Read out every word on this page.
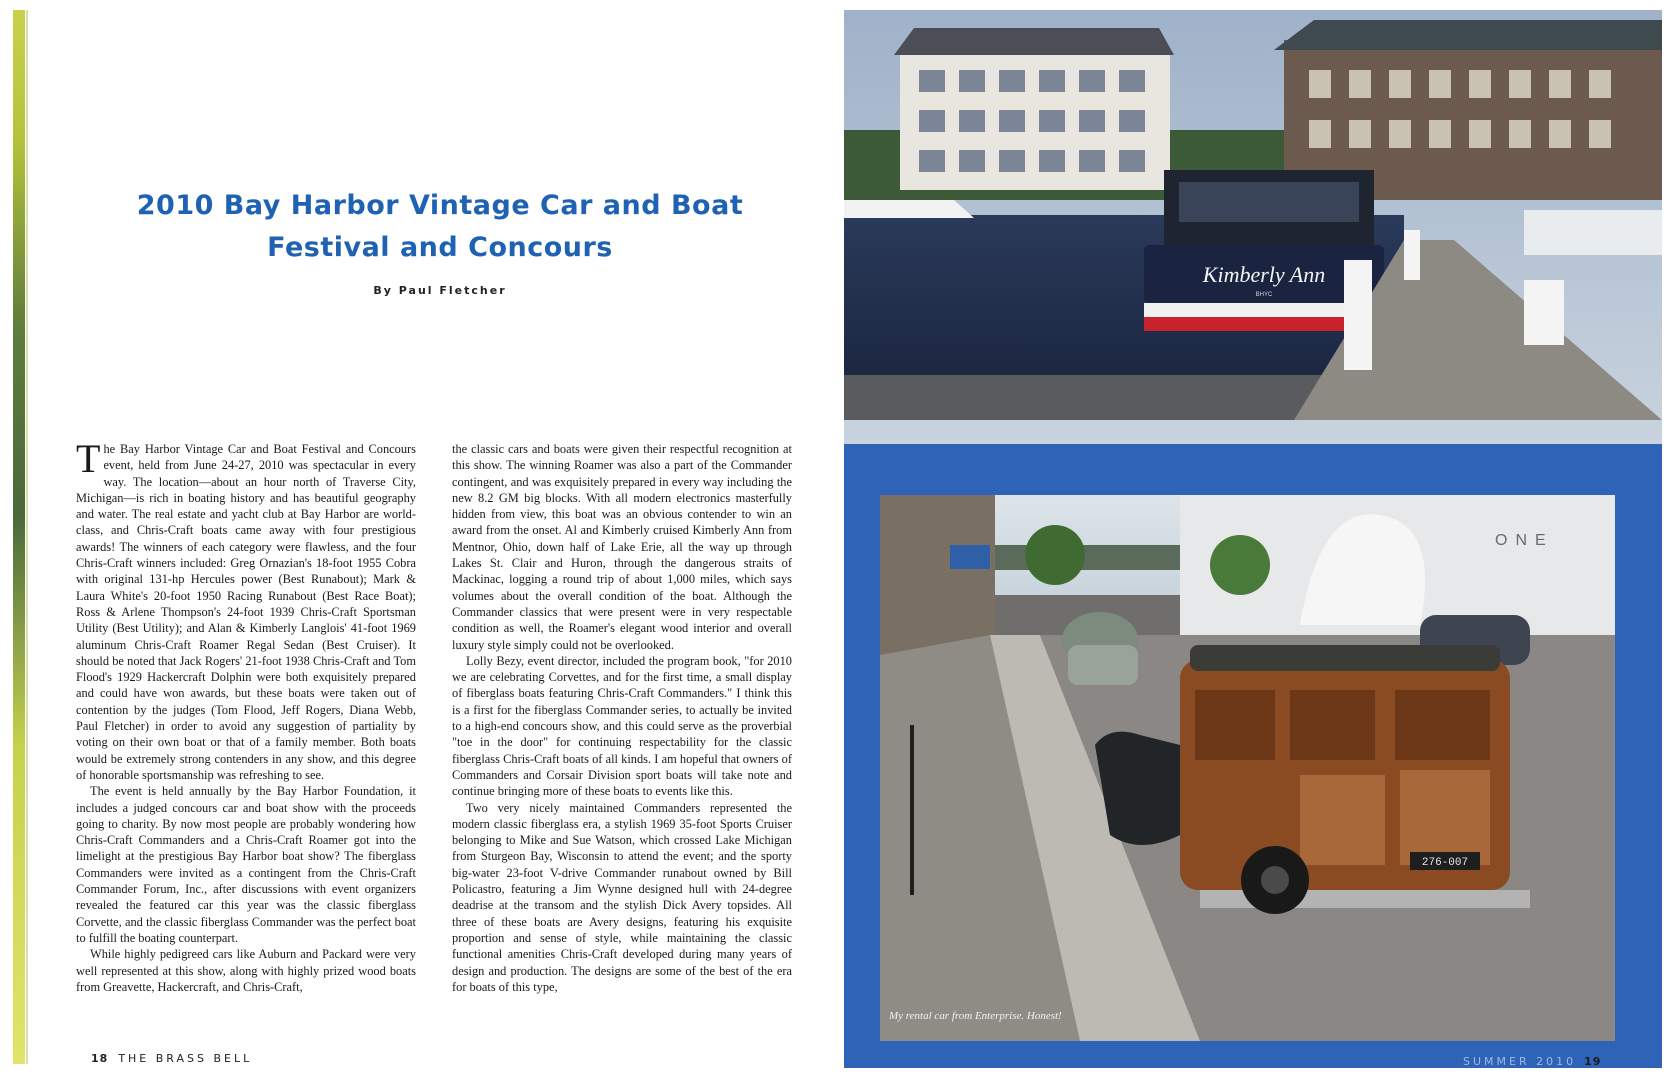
2010 Bay Harbor Vintage Car and Boat
Festival and Concours
By Paul Fletcher

The Bay Harbor Vintage Car and Boat Festival and Concours event, held from June 24-27, 2010 was spectacular in every way. The location—about an hour north of Traverse City, Michigan—is rich in boating history and has beautiful geography and water. The real estate and yacht club at Bay Harbor are world-class, and Chris-Craft boats came away with four prestigious awards! The winners of each category were flawless, and the four Chris-Craft winners included: Greg Ornazian's 18-foot 1955 Cobra with original 131-hp Hercules power (Best Runabout); Mark & Laura White's 20-foot 1950 Racing Runabout (Best Race Boat); Ross & Arlene Thompson's 24-foot 1939 Chris-Craft Sportsman Utility (Best Utility); and Alan & Kimberly Langlois' 41-foot 1969 aluminum Chris-Craft Roamer Regal Sedan (Best Cruiser). It should be noted that Jack Rogers' 21-foot 1938 Chris-Craft and Tom Flood's 1929 Hackercraft Dolphin were both exquisitely prepared and could have won awards, but these boats were taken out of contention by the judges (Tom Flood, Jeff Rogers, Diana Webb, Paul Fletcher) in order to avoid any suggestion of partiality by voting on their own boat or that of a family member. Both boats would be extremely strong contenders in any show, and this degree of honorable sportsmanship was refreshing to see.

The event is held annually by the Bay Harbor Foundation, it includes a judged concours car and boat show with the proceeds going to charity. By now most people are probably wondering how Chris-Craft Commanders and a Chris-Craft Roamer got into the limelight at the prestigious Bay Harbor boat show? The fiberglass Commanders were invited as a contingent from the Chris-Craft Commander Forum, Inc., after discussions with event organizers revealed the featured car this year was the classic fiberglass Corvette, and the classic fiberglass Commander was the perfect boat to fulfill the boating counterpart.

While highly pedigreed cars like Auburn and Packard were very well represented at this show, along with highly prized wood boats from Greavette, Hackercraft, and Chris-Craft,

the classic cars and boats were given their respectful recognition at this show. The winning Roamer was also a part of the Commander contingent, and was exquisitely prepared in every way including the new 8.2 GM big blocks. With all modern electronics masterfully hidden from view, this boat was an obvious contender to win an award from the onset. Al and Kimberly cruised Kimberly Ann from Mentnor, Ohio, down half of Lake Erie, all the way up through Lakes St. Clair and Huron, through the dangerous straits of Mackinac, logging a round trip of about 1,000 miles, which says volumes about the overall condition of the boat. Although the Commander classics that were present were in very respectable condition as well, the Roamer's elegant wood interior and overall luxury style simply could not be overlooked.

Lolly Bezy, event director, included the program book, "for 2010 we are celebrating Corvettes, and for the first time, a small display of fiberglass boats featuring Chris-Craft Commanders." I think this is a first for the fiberglass Commander series, to actually be invited to a high-end concours show, and this could serve as the proverbial "toe in the door" for continuing respectability for the classic fiberglass Chris-Craft boats of all kinds. I am hopeful that owners of Commanders and Corsair Division sport boats will take note and continue bringing more of these boats to events like this.

Two very nicely maintained Commanders represented the modern classic fiberglass era, a stylish 1969 35-foot Sports Cruiser belonging to Mike and Sue Watson, which crossed Lake Michigan from Sturgeon Bay, Wisconsin to attend the event; and the sporty big-water 23-foot V-drive Commander runabout owned by Bill Policastro, featuring a Jim Wynne designed hull with 24-degree deadrise at the transom and the stylish Dick Avery topsides. All three of these boats are Avery designs, featuring his exquisite proportion and sense of style, while maintaining the classic functional amenities Chris-Craft developed during many years of design and production. The designs are some of the best of the era for boats of this type,

18 THE BRASS BELL
Kimberly Ann
BHYC
ONE
276-007
My rental car from Enterprise. Honest!
SUMMER 2010 19
